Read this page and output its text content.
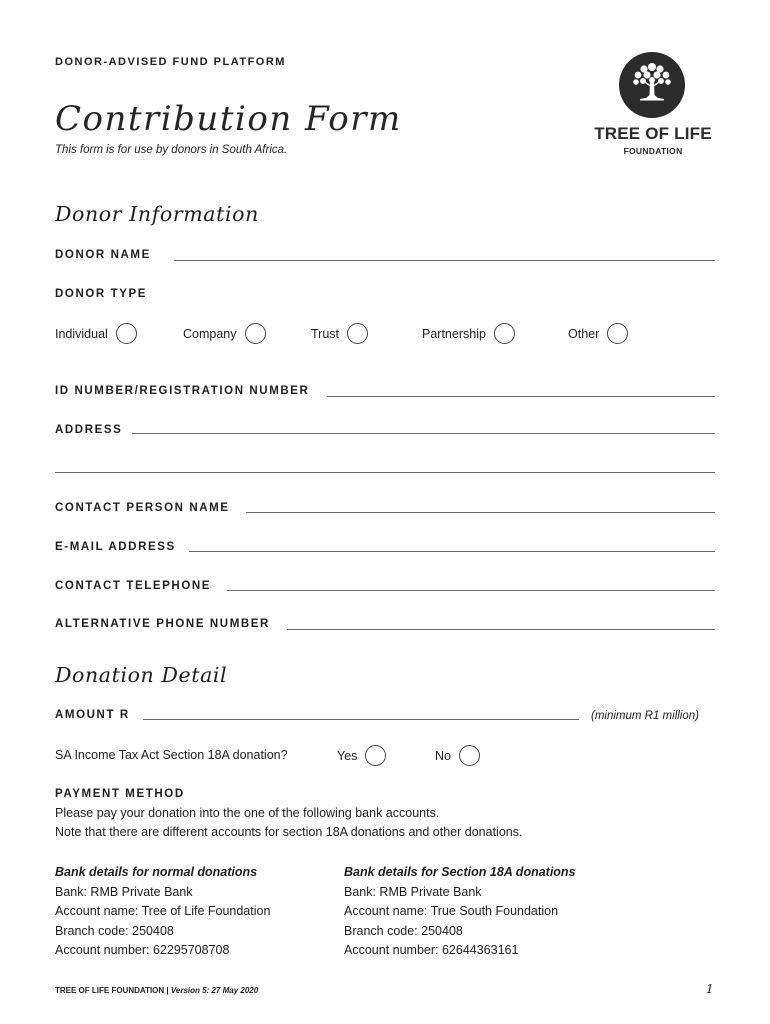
DONOR-ADVISED FUND PLATFORM
Contribution Form
This form is for use by donors in South Africa.
TREE OF LIFE
FOUNDATION
Donor Information
DONOR NAME
DONOR TYPE
Individual	Company	Trust	Partnership	Other
ID NUMBER/REGISTRATION NUMBER
ADDRESS
CONTACT PERSON NAME
E-MAIL ADDRESS
CONTACT TELEPHONE
ALTERNATIVE PHONE NUMBER
Donation Detail
AMOUNT R	(minimum R1 million)
SA Income Tax Act Section 18A donation?	Yes	No
PAYMENT METHOD
Please pay your donation into the one of the following bank accounts.
Note that there are different accounts for section 18A donations and other donations.
Bank details for normal donations
Bank: RMB Private Bank
Account name: Tree of Life Foundation
Branch code: 250408
Account number: 62295708708
Bank details for Section 18A donations
Bank: RMB Private Bank
Account name: True South Foundation
Branch code: 250408
Account number: 62644363161
TREE OF LIFE FOUNDATION | Version 5: 27 May 2020	1
